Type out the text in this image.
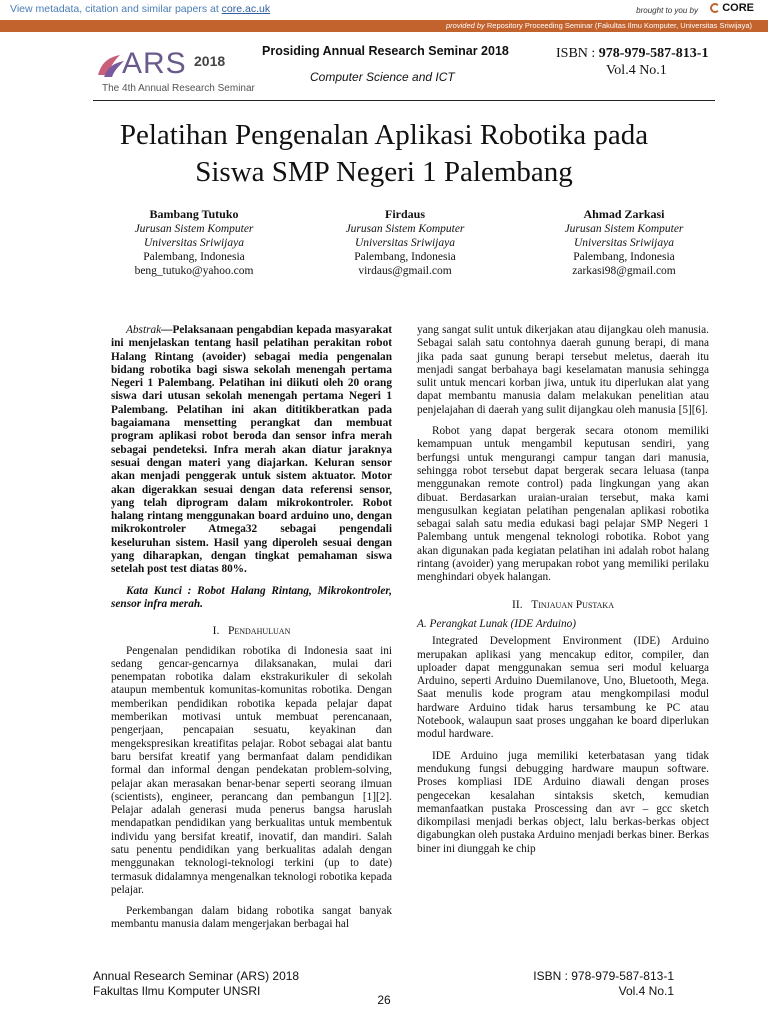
View metadata, citation and similar papers at core.ac.uk	brought to you by	CORE
provided by Repository Proceeding Seminar (Fakultas Ilmu Komputer, Universitas Sriwijaya)
ARS 2018
The 4th Annual Research Seminar
Prosiding Annual Research Seminar 2018
Computer Science and ICT
ISBN : 978-979-587-813-1
Vol.4 No.1
Pelatihan Pengenalan Aplikasi Robotika pada
Siswa SMP Negeri 1 Palembang
Bambang Tutuko
Jurusan Sistem Komputer
Universitas Sriwijaya
Palembang, Indonesia
beng_tutuko@yahoo.com
Firdaus
Jurusan Sistem Komputer
Universitas Sriwijaya
Palembang, Indonesia
virdaus@gmail.com
Ahmad Zarkasi
Jurusan Sistem Komputer
Universitas Sriwijaya
Palembang, Indonesia
zarkasi98@gmail.com

Abstrak—Pelaksanaan pengabdian kepada masyarakat ini menjelaskan tentang hasil pelatihan perakitan robot Halang Rintang (avoider) sebagai media pengenalan bidang robotika bagi siswa sekolah menengah pertama Negeri 1 Palembang. Pelatihan ini diikuti oleh 20 orang siswa dari utusan sekolah menengah pertama Negeri 1 Palembang. Pelatihan ini akan dititikberatkan pada bagaiamana mensetting perangkat dan membuat program aplikasi robot beroda dan sensor infra merah sebagai pendeteksi. Infra merah akan diatur jaraknya sesuai dengan materi yang diajarkan. Keluran sensor akan menjadi penggerak untuk sistem aktuator. Motor akan digerakkan sesuai dengan data referensi sensor, yang telah diprogram dalam mikrokontroler. Robot halang rintang menggunakan board arduino uno, dengan mikrokontroler Atmega32 sebagai pengendali keseluruhan sistem. Hasil yang diperoleh sesuai dengan yang diharapkan, dengan tingkat pemahaman siswa setelah post test diatas 80%.

Kata Kunci : Robot Halang Rintang, Mikrokontroler, sensor infra merah.

I. Pendahuluan

Pengenalan pendidikan robotika di Indonesia saat ini sedang gencar-gencarnya dilaksanakan, mulai dari penempatan robotika dalam ekstrakurikuler di sekolah ataupun membentuk komunitas-komunitas robotika. Dengan memberikan pendidikan robotika kepada pelajar dapat memberikan motivasi untuk membuat perencanaan, pengerjaan, pencapaian sesuatu, keyakinan dan mengekspresikan kreatifitas pelajar. Robot sebagai alat bantu baru bersifat kreatif yang bermanfaat dalam pendidikan formal dan informal dengan pendekatan problem-solving, pelajar akan merasakan benar-benar seperti seorang ilmuan (scientists), engineer, perancang dan pembangun [1][2]. Pelajar adalah generasi muda penerus bangsa haruslah mendapatkan pendidikan yang berkualitas untuk membentuk individu yang bersifat kreatif, inovatif, dan mandiri. Salah satu penentu pendidikan yang berkualitas adalah dengan menggunakan teknologi-teknologi terkini (up to date) termasuk didalamnya mengenalkan teknologi robotika kepada pelajar.

Perkembangan dalam bidang robotika sangat banyak membantu manusia dalam mengerjakan berbagai hal

yang sangat sulit untuk dikerjakan atau dijangkau oleh manusia. Sebagai salah satu contohnya daerah gunung berapi, di mana jika pada saat gunung berapi tersebut meletus, daerah itu menjadi sangat berbahaya bagi keselamatan manusia sehingga sulit untuk mencari korban jiwa, untuk itu diperlukan alat yang dapat membantu manusia dalam melakukan penelitian atau penjelajahan di daerah yang sulit dijangkau oleh manusia [5][6].

Robot yang dapat bergerak secara otonom memiliki kemampuan untuk mengambil keputusan sendiri, yang berfungsi untuk mengurangi campur tangan dari manusia, sehingga robot tersebut dapat bergerak secara leluasa (tanpa menggunakan remote control) pada lingkungan yang akan dibuat. Berdasarkan uraian-uraian tersebut, maka kami mengusulkan kegiatan pelatihan pengenalan aplikasi robotika sebagai salah satu media edukasi bagi pelajar SMP Negeri 1 Palembang untuk mengenal teknologi robotika. Robot yang akan digunakan pada kegiatan pelatihan ini adalah robot halang rintang (avoider) yang merupakan robot yang memiliki perilaku menghindari obyek halangan.

II. Tinjauan Pustaka
A. Perangkat Lunak (IDE Arduino)

Integrated Development Environment (IDE) Arduino merupakan aplikasi yang mencakup editor, compiler, dan uploader dapat menggunakan semua seri modul keluarga Arduino, seperti Arduino Duemilanove, Uno, Bluetooth, Mega. Saat menulis kode program atau mengkompilasi modul hardware Arduino tidak harus tersambung ke PC atau Notebook, walaupun saat proses unggahan ke board diperlukan modul hardware.

IDE Arduino juga memiliki keterbatasan yang tidak mendukung fungsi debugging hardware maupun software. Proses kompliasi IDE Arduino diawali dengan proses pengecekan kesalahan sintaksis sketch, kemudian memanfaatkan pustaka Proscessing dan avr – gcc sketch dikompilasi menjadi berkas object, lalu berkas-berkas object digabungkan oleh pustaka Arduino menjadi berkas biner. Berkas biner ini diunggah ke chip

Annual Research Seminar (ARS) 2018
Fakultas Ilmu Komputer UNSRI
ISBN : 978-979-587-813-1
Vol.4 No.1
26
